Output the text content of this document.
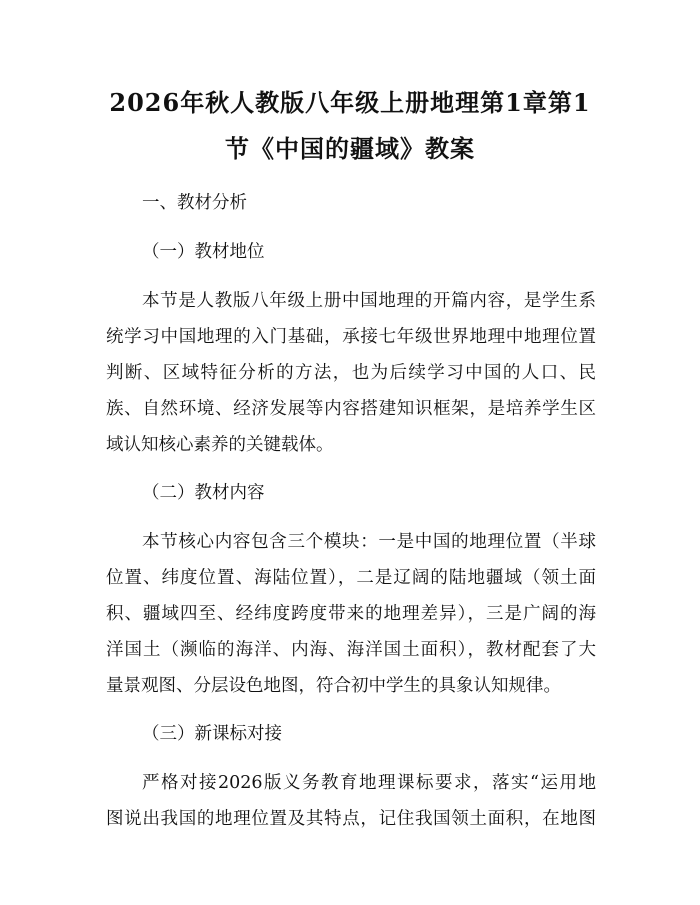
2026年秋人教版八年级上册地理第1章第1
节《中国的疆域》教案
一、教材分析
（一）教材地位
本节是人教版八年级上册中国地理的开篇内容，是学生系
统学习中国地理的入门基础，承接七年级世界地理中地理位置
判断、区域特征分析的方法，也为后续学习中国的人口、民
族、自然环境、经济发展等内容搭建知识框架，是培养学生区
域认知核心素养的关键载体。
（二）教材内容
本节核心内容包含三个模块：一是中国的地理位置（半球
位置、纬度位置、海陆位置），二是辽阔的陆地疆域（领土面
积、疆域四至、经纬度跨度带来的地理差异），三是广阔的海
洋国土（濒临的海洋、内海、海洋国土面积），教材配套了大
量景观图、分层设色地图，符合初中学生的具象认知规律。
（三）新课标对接
严格对接2026版义务教育地理课标要求，落实“运用地
图说出我国的地理位置及其特点，记住我国领土面积，在地图
